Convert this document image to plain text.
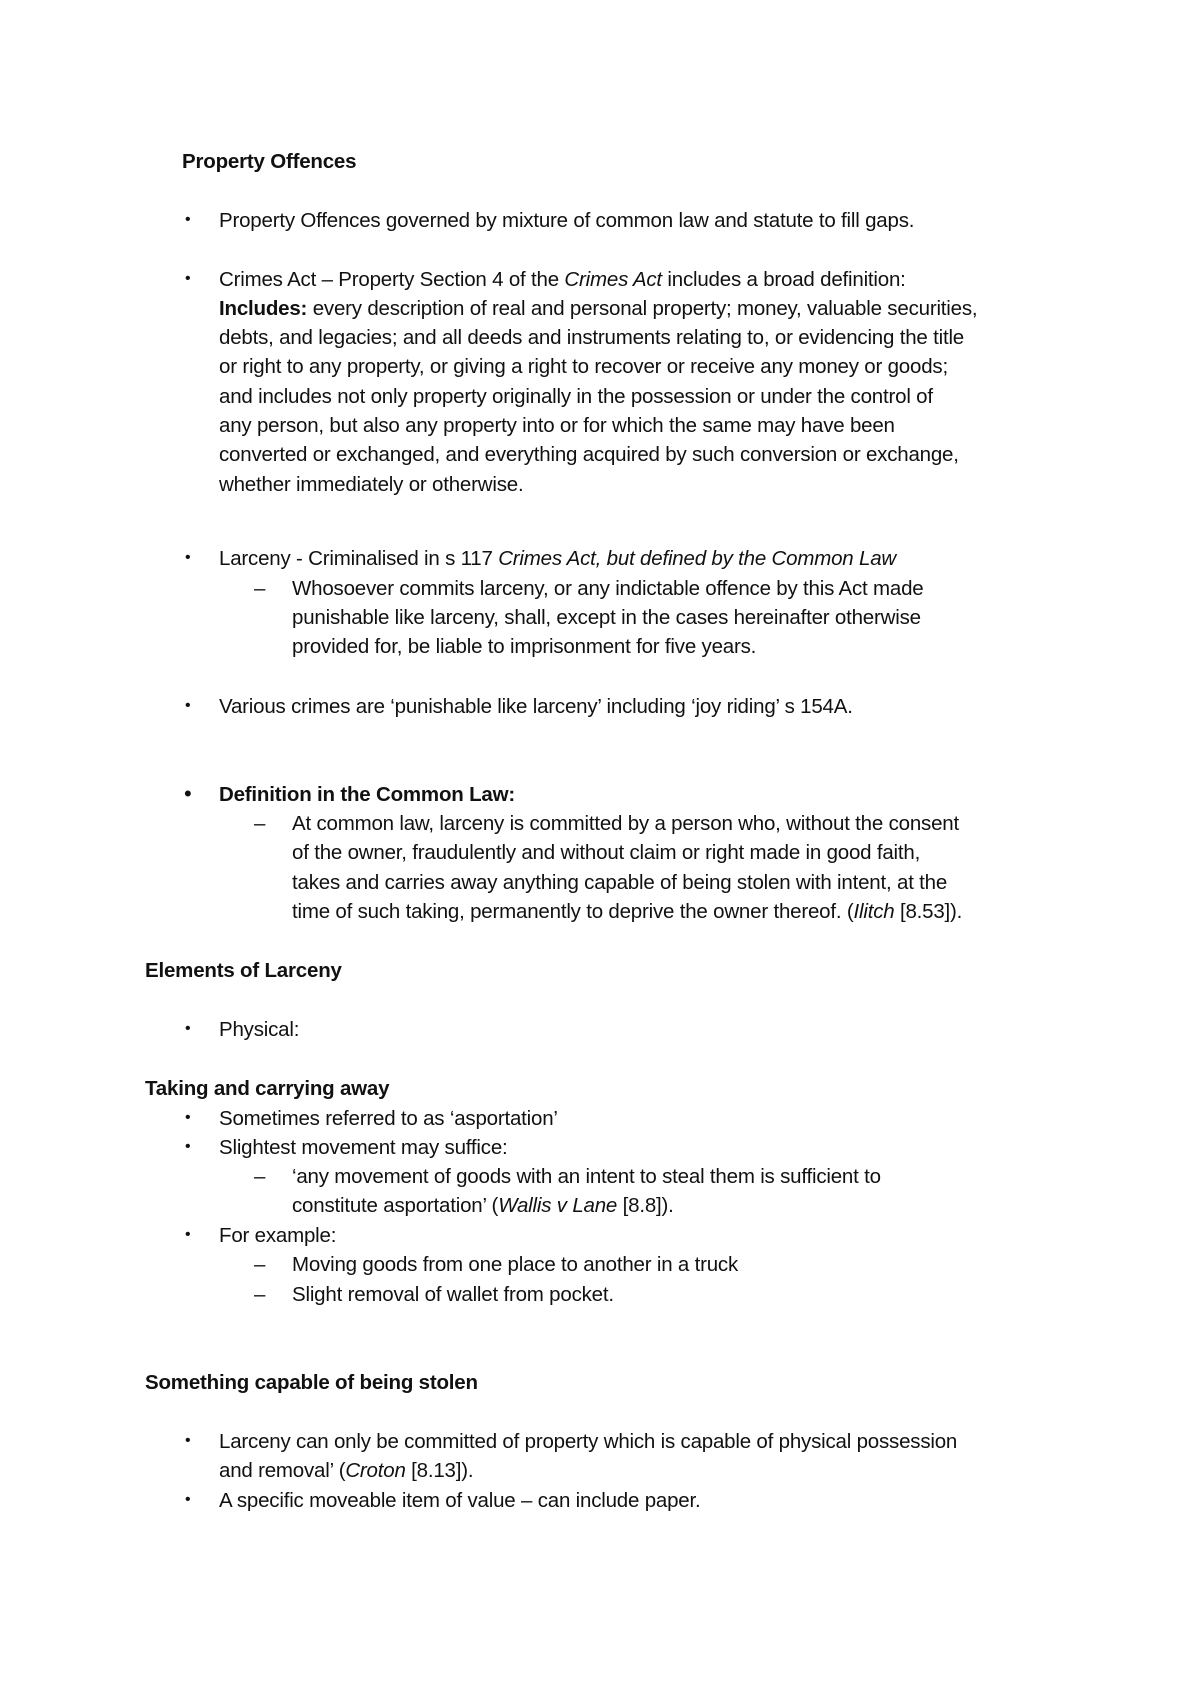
Property Offences
• Property Offences governed by mixture of common law and statute to fill gaps.
• Crimes Act – Property Section 4 of the Crimes Act includes a broad definition:
Includes: every description of real and personal property; money, valuable securities,
debts, and legacies; and all deeds and instruments relating to, or evidencing the title
or right to any property, or giving a right to recover or receive any money or goods;
and includes not only property originally in the possession or under the control of
any person, but also any property into or for which the same may have been
converted or exchanged, and everything acquired by such conversion or exchange,
whether immediately or otherwise.
• Larceny - Criminalised in s 117 Crimes Act, but defined by the Common Law
– Whosoever commits larceny, or any indictable offence by this Act made
punishable like larceny, shall, except in the cases hereinafter otherwise
provided for, be liable to imprisonment for five years.
• Various crimes are ‘punishable like larceny’ including ‘joy riding’ s 154A.
• Definition in the Common Law:
– At common law, larceny is committed by a person who, without the consent
of the owner, fraudulently and without claim or right made in good faith,
takes and carries away anything capable of being stolen with intent, at the
time of such taking, permanently to deprive the owner thereof. (Ilitch [8.53]).
Elements of Larceny
• Physical:
Taking and carrying away
• Sometimes referred to as ‘asportation’
• Slightest movement may suffice:
– ‘any movement of goods with an intent to steal them is sufficient to
constitute asportation’ (Wallis v Lane [8.8]).
• For example:
– Moving goods from one place to another in a truck
– Slight removal of wallet from pocket.
Something capable of being stolen
• Larceny can only be committed of property which is capable of physical possession
and removal’ (Croton [8.13]).
• A specific moveable item of value – can include paper.
